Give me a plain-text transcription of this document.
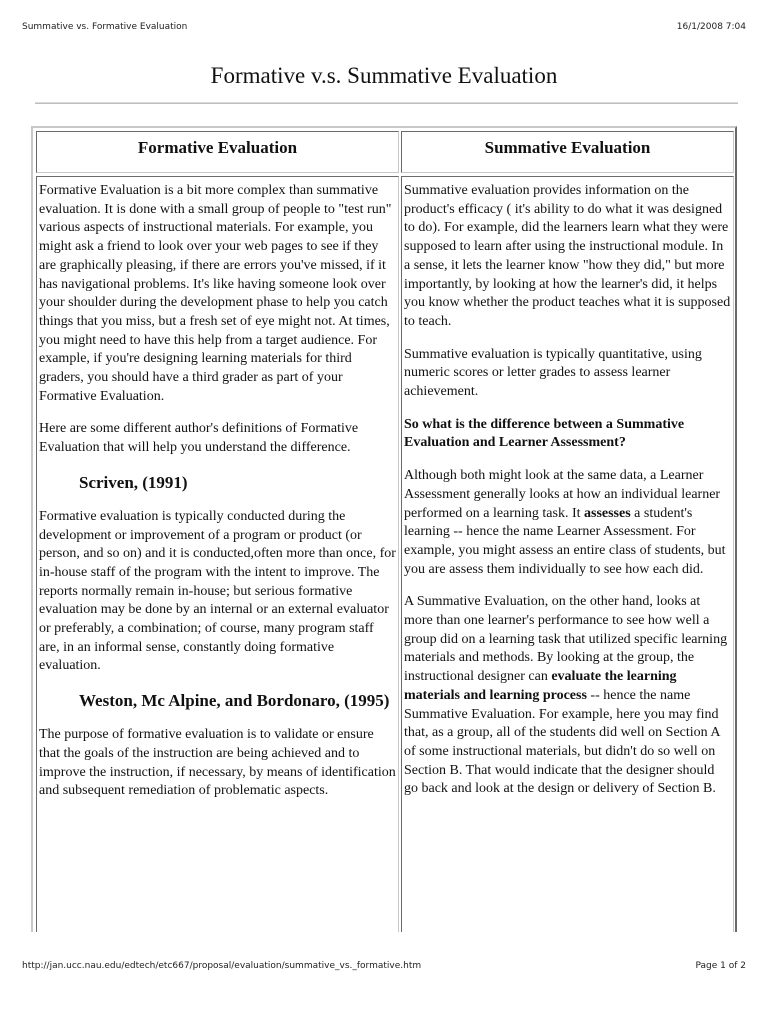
Summative vs. Formative Evaluation	16/1/2008 7:04
Formative v.s. Summative Evaluation
Formative Evaluation	Summative Evaluation

Formative Evaluation is a bit more complex than summative evaluation. It is done with a small group of people to "test run" various aspects of instructional materials. For example, you might ask a friend to look over your web pages to see if they are graphically pleasing, if there are errors you've missed, if it has navigational problems. It's like having someone look over your shoulder during the development phase to help you catch things that you miss, but a fresh set of eye might not. At times, you might need to have this help from a target audience. For example, if you're designing learning materials for third graders, you should have a third grader as part of your Formative Evaluation.

Here are some different author's definitions of Formative Evaluation that will help you understand the difference.

Scriven, (1991)

Formative evaluation is typically conducted during the development or improvement of a program or product (or person, and so on) and it is conducted,often more than once, for in-house staff of the program with the intent to improve. The reports normally remain in-house; but serious formative evaluation may be done by an internal or an external evaluator or preferably, a combination; of course, many program staff are, in an informal sense, constantly doing formative evaluation.

Weston, Mc Alpine, and Bordonaro, (1995)

The purpose of formative evaluation is to validate or ensure that the goals of the instruction are being achieved and to improve the instruction, if necessary, by means of identification and subsequent remediation of problematic aspects.

Summative evaluation provides information on the product's efficacy ( it's ability to do what it was designed to do). For example, did the learners learn what they were supposed to learn after using the instructional module. In a sense, it lets the learner know "how they did," but more importantly, by looking at how the learner's did, it helps you know whether the product teaches what it is supposed to teach.

Summative evaluation is typically quantitative, using numeric scores or letter grades to assess learner achievement.

So what is the difference between a Summative Evaluation and Learner Assessment?

Although both might look at the same data, a Learner Assessment generally looks at how an individual learner performed on a learning task. It assesses a student's learning -- hence the name Learner Assessment. For example, you might assess an entire class of students, but you are assess them individually to see how each did.

A Summative Evaluation, on the other hand, looks at more than one learner's performance to see how well a group did on a learning task that utilized specific learning materials and methods. By looking at the group, the instructional designer can evaluate the learning materials and learning process -- hence the name Summative Evaluation. For example, here you may find that, as a group, all of the students did well on Section A of some instructional materials, but didn't do so well on Section B. That would indicate that the designer should go back and look at the design or delivery of Section B.

http://jan.ucc.nau.edu/edtech/etc667/proposal/evaluation/summative_vs._formative.htm	Page 1 of 2
